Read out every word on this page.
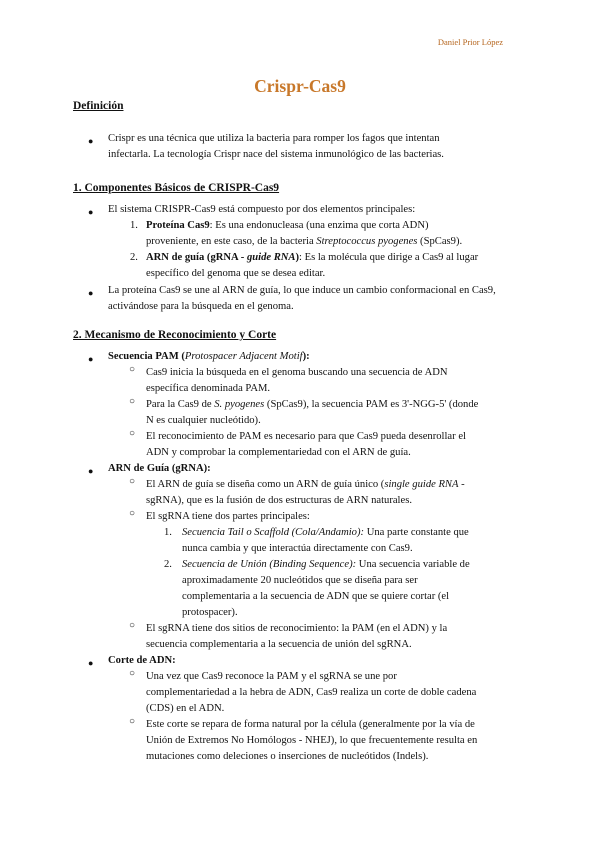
Daniel Prior López
Crispr-Cas9
Definición
● Crispr es una técnica que utiliza la bacteria para romper los fagos que intentan
infectarla. La tecnología Crispr nace del sistema inmunológico de las bacterias.
1. Componentes Básicos de CRISPR-Cas9
● El sistema CRISPR-Cas9 está compuesto por dos elementos principales:
1. Proteína Cas9: Es una endonucleasa (una enzima que corta ADN)
proveniente, en este caso, de la bacteria Streptococcus pyogenes (SpCas9).
2. ARN de guía (gRNA - guide RNA): Es la molécula que dirige a Cas9 al lugar
específico del genoma que se desea editar.
● La proteína Cas9 se une al ARN de guía, lo que induce un cambio conformacional en Cas9,
activándose para la búsqueda en el genoma.
2. Mecanismo de Reconocimiento y Corte
● Secuencia PAM (Protospacer Adjacent Motif):
○ Cas9 inicia la búsqueda en el genoma buscando una secuencia de ADN
específica denominada PAM.
○ Para la Cas9 de S. pyogenes (SpCas9), la secuencia PAM es 3'-NGG-5' (donde
N es cualquier nucleótido).
○ El reconocimiento de PAM es necesario para que Cas9 pueda desenrollar el
ADN y comprobar la complementariedad con el ARN de guía.
● ARN de Guía (gRNA):
○ El ARN de guía se diseña como un ARN de guía único (single guide RNA -
sgRNA), que es la fusión de dos estructuras de ARN naturales.
○ El sgRNA tiene dos partes principales:
1. Secuencia Tail o Scaffold (Cola/Andamio): Una parte constante que
nunca cambia y que interactúa directamente con Cas9.
2. Secuencia de Unión (Binding Sequence): Una secuencia variable de
aproximadamente 20 nucleótidos que se diseña para ser
complementaria a la secuencia de ADN que se quiere cortar (el
protospacer).
○ El sgRNA tiene dos sitios de reconocimiento: la PAM (en el ADN) y la
secuencia complementaria a la secuencia de unión del sgRNA.
● Corte de ADN:
○ Una vez que Cas9 reconoce la PAM y el sgRNA se une por
complementariedad a la hebra de ADN, Cas9 realiza un corte de doble cadena
(CDS) en el ADN.
○ Este corte se repara de forma natural por la célula (generalmente por la vía de
Unión de Extremos No Homólogos - NHEJ), lo que frecuentemente resulta en
mutaciones como deleciones o inserciones de nucleótidos (Indels).
